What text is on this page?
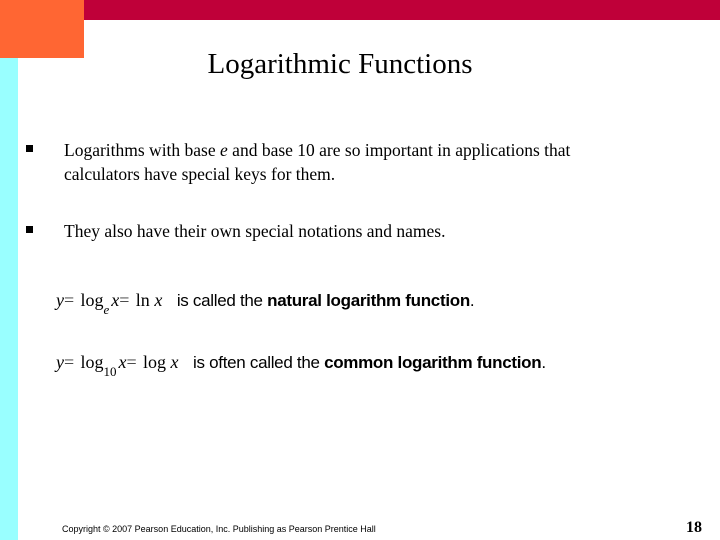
Logarithmic Functions
Logarithms with base e and base 10 are so important in applications that
calculators have special keys for them.
They also have their own special notations and names.
$y= \log_e x= \ln x$ is called the natural logarithm function.
$y= \log_{10} x= \log x$ is often called the common logarithm function.
Copyright © 2007 Pearson Education, Inc. Publishing as Pearson Prentice Hall	18
